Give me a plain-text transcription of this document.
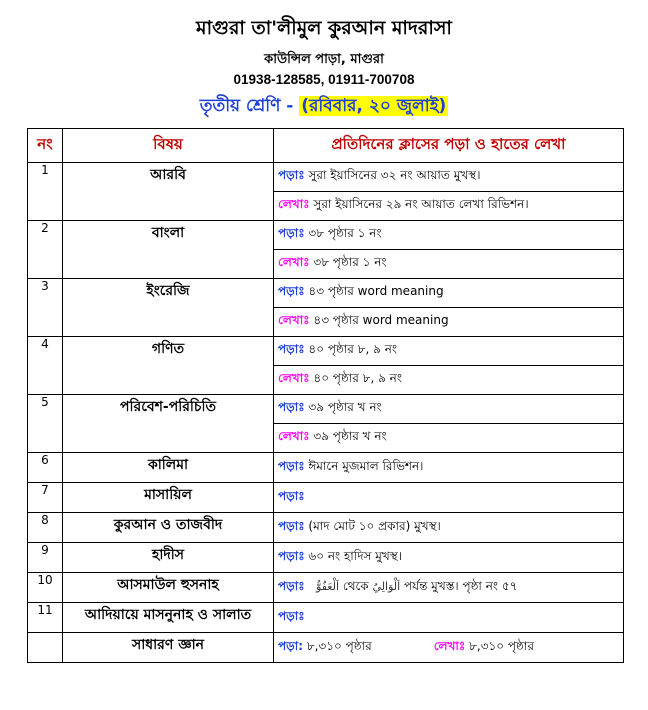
মাগুরা তা'লীমুল কুরআন মাদরাসা
কাউন্সিল পাড়া, মাগুরা
01938-128585, 01911-700708
তৃতীয় শ্রেণি - (রবিবার, ২০ জুলাই)
নং	বিষয়	প্রতিদিনের ক্লাসের পড়া ও হাতের লেখা
1	আরবি	পড়াঃ সুরা ইয়াসিনের ৩২ নং আয়াত মুখস্থ।
		লেখাঃ সুরা ইয়াসিনের ২৯ নং আয়াত লেখা রিভিশন।
2	বাংলা	পড়াঃ ৩৮ পৃষ্ঠার ১ নং
		লেখাঃ ৩৮ পৃষ্ঠার ১ নং
3	ইংরেজি	পড়াঃ ৪৩ পৃষ্ঠার word meaning
		লেখাঃ ৪৩ পৃষ্ঠার word meaning
4	গণিত	পড়াঃ ৪০ পৃষ্ঠার ৮, ৯ নং
		লেখাঃ ৪০ পৃষ্ঠার ৮, ৯ নং
5	পরিবেশ-পরিচিতি	পড়াঃ ৩৯ পৃষ্ঠার খ নং
		লেখাঃ ৩৯ পৃষ্ঠার খ নং
6	কালিমা	পড়াঃ ঈমানে মুজমাল রিভিশন।
7	মাসায়িল	পড়াঃ
8	কুরআন ও তাজবীদ	পড়াঃ (মাদ মোট ১০ প্রকার) মুখস্থ।
9	হাদীস	পড়াঃ ৬০ নং হাদিস মুখস্থ।
10	আসমাউল হুসনাহ	পড়াঃ اَلْعَفُوُّ থেকে اَلْوَالِيُ পর্যন্ত মুখস্ত। পৃষ্ঠা নং ৫৭
11	আদিয়ায়ে মাসনুনাহ ও সালাত	পড়াঃ
	সাধারণ জ্ঞান	পড়া: ৮,৩১০ পৃষ্ঠার লেখাঃ ৮,৩১০ পৃষ্ঠার
